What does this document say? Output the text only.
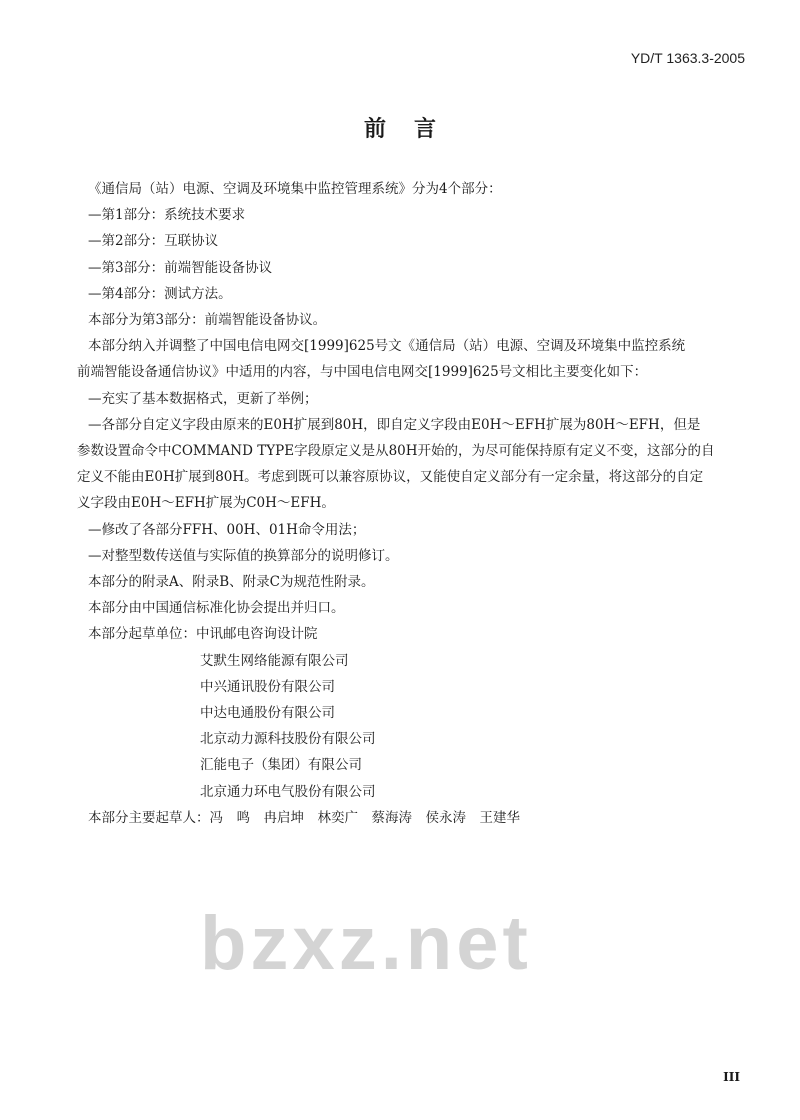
YD/T 1363.3-2005
bzxz.net
前言
《通信局（站）电源、空调及环境集中监控管理系统》分为4个部分：
—第1部分：系统技术要求
—第2部分：互联协议
—第3部分：前端智能设备协议
—第4部分：测试方法。
本部分为第3部分：前端智能设备协议。
本部分纳入并调整了中国电信电网交[1999]625号文《通信局（站）电源、空调及环境集中监控系统
前端智能设备通信协议》中适用的内容，与中国电信电网交[1999]625号文相比主要变化如下：
—充实了基本数据格式，更新了举例；
—各部分自定义字段由原来的E0H扩展到80H，即自定义字段由E0H～EFH扩展为80H～EFH，但是
参数设置命令中COMMAND TYPE字段原定义是从80H开始的，为尽可能保持原有定义不变，这部分的自
定义不能由E0H扩展到80H。考虑到既可以兼容原协议，又能使自定义部分有一定余量，将这部分的自定
义字段由E0H～EFH扩展为C0H～EFH。
—修改了各部分FFH、00H、01H命令用法；
—对整型数传送值与实际值的换算部分的说明修订。
本部分的附录A、附录B、附录C为规范性附录。
本部分由中国通信标准化协会提出并归口。
本部分起草单位：中讯邮电咨询设计院
艾默生网络能源有限公司
中兴通讯股份有限公司
中达电通股份有限公司
北京动力源科技股份有限公司
汇能电子（集团）有限公司
北京通力环电气股份有限公司
本部分主要起草人：冯　鸣　冉启坤　林奕广　蔡海涛　侯永涛　王建华
III
